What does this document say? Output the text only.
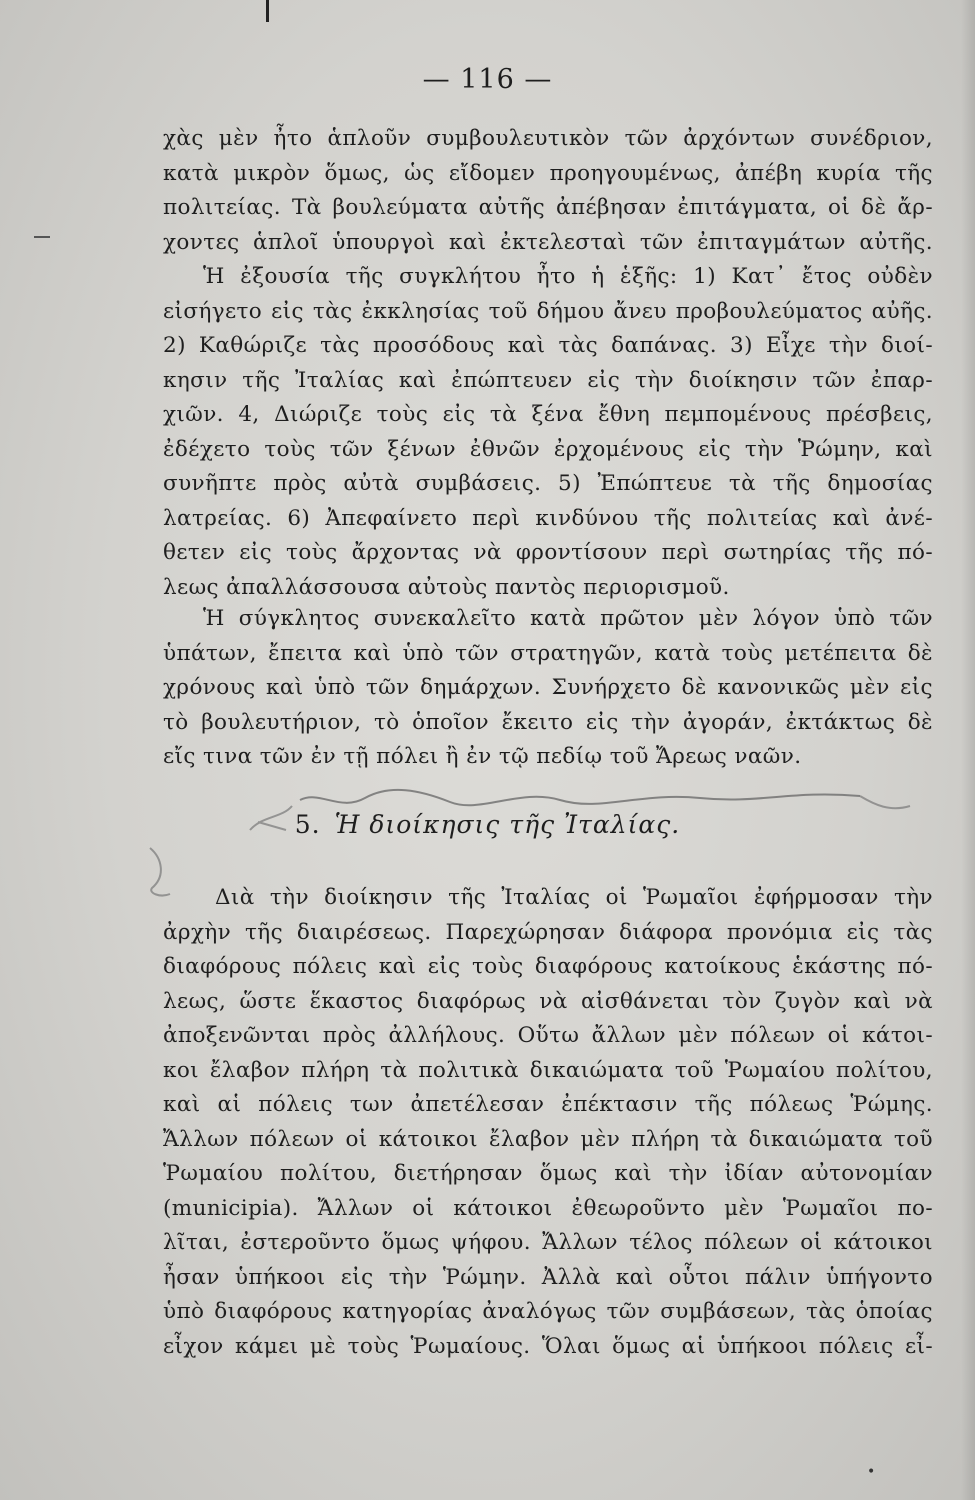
— 116 —
χὰς μὲν ἦτο ἁπλοῦν συμβουλευτικὸν τῶν ἀρχόντων συνέδριον,
κατὰ μικρὸν ὅμως, ὡς εἴδομεν προηγουμένως, ἀπέβη κυρία τῆς
πολιτείας. Τὰ βουλεύματα αὐτῆς ἀπέβησαν ἐπιτάγματα, οἱ δὲ ἄρ-
χοντες ἁπλοῖ ὑπουργοὶ καὶ ἐκτελεσταὶ τῶν ἐπιταγμάτων αὐτῆς.
Ἡ ἐξουσία τῆς συγκλήτου ἦτο ἡ ἑξῆς: 1) Κατ᾽ ἔτος οὐδὲν
εἰσήγετο εἰς τὰς ἐκκλησίας τοῦ δήμου ἄνευ προβουλεύματος αὐῆς.
2) Καθώριζε τὰς προσόδους καὶ τὰς δαπάνας. 3) Εἶχε τὴν διοί-
κησιν τῆς Ἰταλίας καὶ ἐπώπτευεν εἰς τὴν διοίκησιν τῶν ἐπαρ-
χιῶν. 4, Διώριζε τοὺς εἰς τὰ ξένα ἔθνη πεμπομένους πρέσβεις,
ἐδέχετο τοὺς τῶν ξένων ἐθνῶν ἐρχομένους εἰς τὴν Ῥώμην, καὶ
συνῆπτε πρὸς αὐτὰ συμβάσεις. 5) Ἐπώπτευε τὰ τῆς δημοσίας
λατρείας. 6) Ἀπεφαίνετο περὶ κινδύνου τῆς πολιτείας καὶ ἀνέ-
θετεν εἰς τοὺς ἄρχοντας νὰ φροντίσουν περὶ σωτηρίας τῆς πό-
λεως ἀπαλλάσσουσα αὐτοὺς παντὸς περιορισμοῦ.
Ἡ σύγκλητος συνεκαλεῖτο κατὰ πρῶτον μὲν λόγον ὑπὸ τῶν
ὑπάτων, ἔπειτα καὶ ὑπὸ τῶν στρατηγῶν, κατὰ τοὺς μετέπειτα δὲ
χρόνους καὶ ὑπὸ τῶν δημάρχων. Συνήρχετο δὲ κανονικῶς μὲν εἰς
τὸ βουλευτήριον, τὸ ὁποῖον ἔκειτο εἰς τὴν ἀγοράν, ἐκτάκτως δὲ
εἴς τινα τῶν ἐν τῇ πόλει ἢ ἐν τῷ πεδίῳ τοῦ Ἄρεως ναῶν.
5. Ἡ διοίκησις τῆς Ἰταλίας.
Διὰ τὴν διοίκησιν τῆς Ἰταλίας οἱ Ῥωμαῖοι ἐφήρμοσαν τὴν
ἀρχὴν τῆς διαιρέσεως. Παρεχώρησαν διάφορα προνόμια εἰς τὰς
διαφόρους πόλεις καὶ εἰς τοὺς διαφόρους κατοίκους ἑκάστης πό-
λεως, ὥστε ἕκαστος διαφόρως νὰ αἰσθάνεται τὸν ζυγὸν καὶ νὰ
ἀποξενῶνται πρὸς ἀλλήλους. Οὕτω ἄλλων μὲν πόλεων οἱ κάτοι-
κοι ἔλαβον πλήρη τὰ πολιτικὰ δικαιώματα τοῦ Ῥωμαίου πολίτου,
καὶ αἱ πόλεις των ἀπετέλεσαν ἐπέκτασιν τῆς πόλεως Ῥώμης.
Ἄλλων πόλεων οἱ κάτοικοι ἔλαβον μὲν πλήρη τὰ δικαιώματα τοῦ
Ῥωμαίου πολίτου, διετήρησαν ὅμως καὶ τὴν ἰδίαν αὐτονομίαν
(municipia). Ἄλλων οἱ κάτοικοι ἐθεωροῦντο μὲν Ῥωμαῖοι πο-
λῖται, ἐστεροῦντο ὅμως ψήφου. Ἄλλων τέλος πόλεων οἱ κάτοικοι
ἦσαν ὑπήκοοι εἰς τὴν Ῥώμην. Ἀλλὰ καὶ οὗτοι πάλιν ὑπήγοντο
ὑπὸ διαφόρους κατηγορίας ἀναλόγως τῶν συμβάσεων, τὰς ὁποίας
εἶχον κάμει μὲ τοὺς Ῥωμαίους. Ὅλαι ὅμως αἱ ὑπήκοοι πόλεις εἶ-
•
